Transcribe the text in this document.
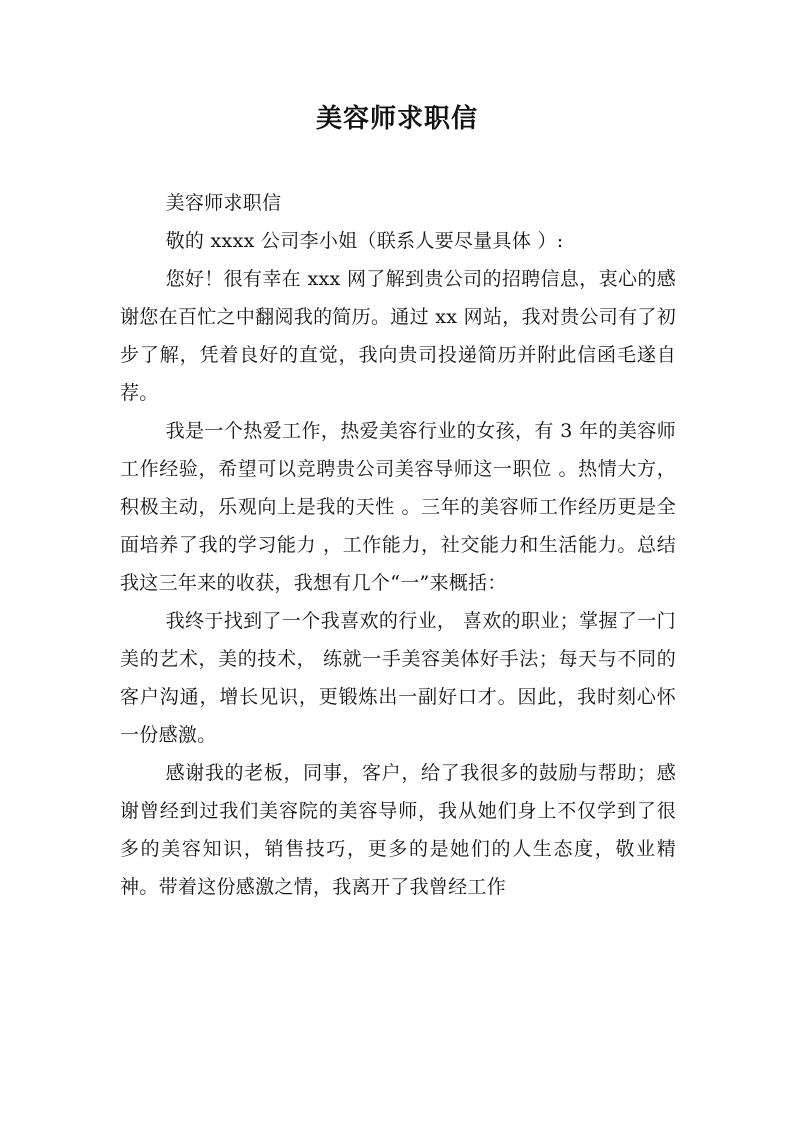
美容师求职信

美容师求职信

敬的 xxxx 公司李小姐（联系人要尽量具体 ）:

您好！很有幸在 xxx 网了解到贵公司的招聘信息，衷心的感谢您在百忙之中翻阅我的简历。通过 xx 网站，我对贵公司有了初步了解，凭着良好的直觉，我向贵司投递简历并附此信函毛遂自荐。

我是一个热爱工作，热爱美容行业的女孩，有 3 年的美容师工作经验，希望可以竞聘贵公司美容导师这一职位 。热情大方，积极主动，乐观向上是我的天性 。三年的美容师工作经历更是全面培养了我的学习能力 ，工作能力，社交能力和生活能力。总结我这三年来的收获，我想有几个“一”来概括：

我终于找到了一个我喜欢的行业， 喜欢的职业；掌握了一门美的艺术，美的技术， 练就一手美容美体好手法；每天与不同的客户沟通，增长见识，更锻炼出一副好口才。因此，我时刻心怀一份感激。

感谢我的老板，同事，客户，给了我很多的鼓励与帮助；感谢曾经到过我们美容院的美容导师，我从她们身上不仅学到了很多的美容知识，销售技巧，更多的是她们的人生态度，敬业精神。带着这份感激之情，我离开了我曾经工作
